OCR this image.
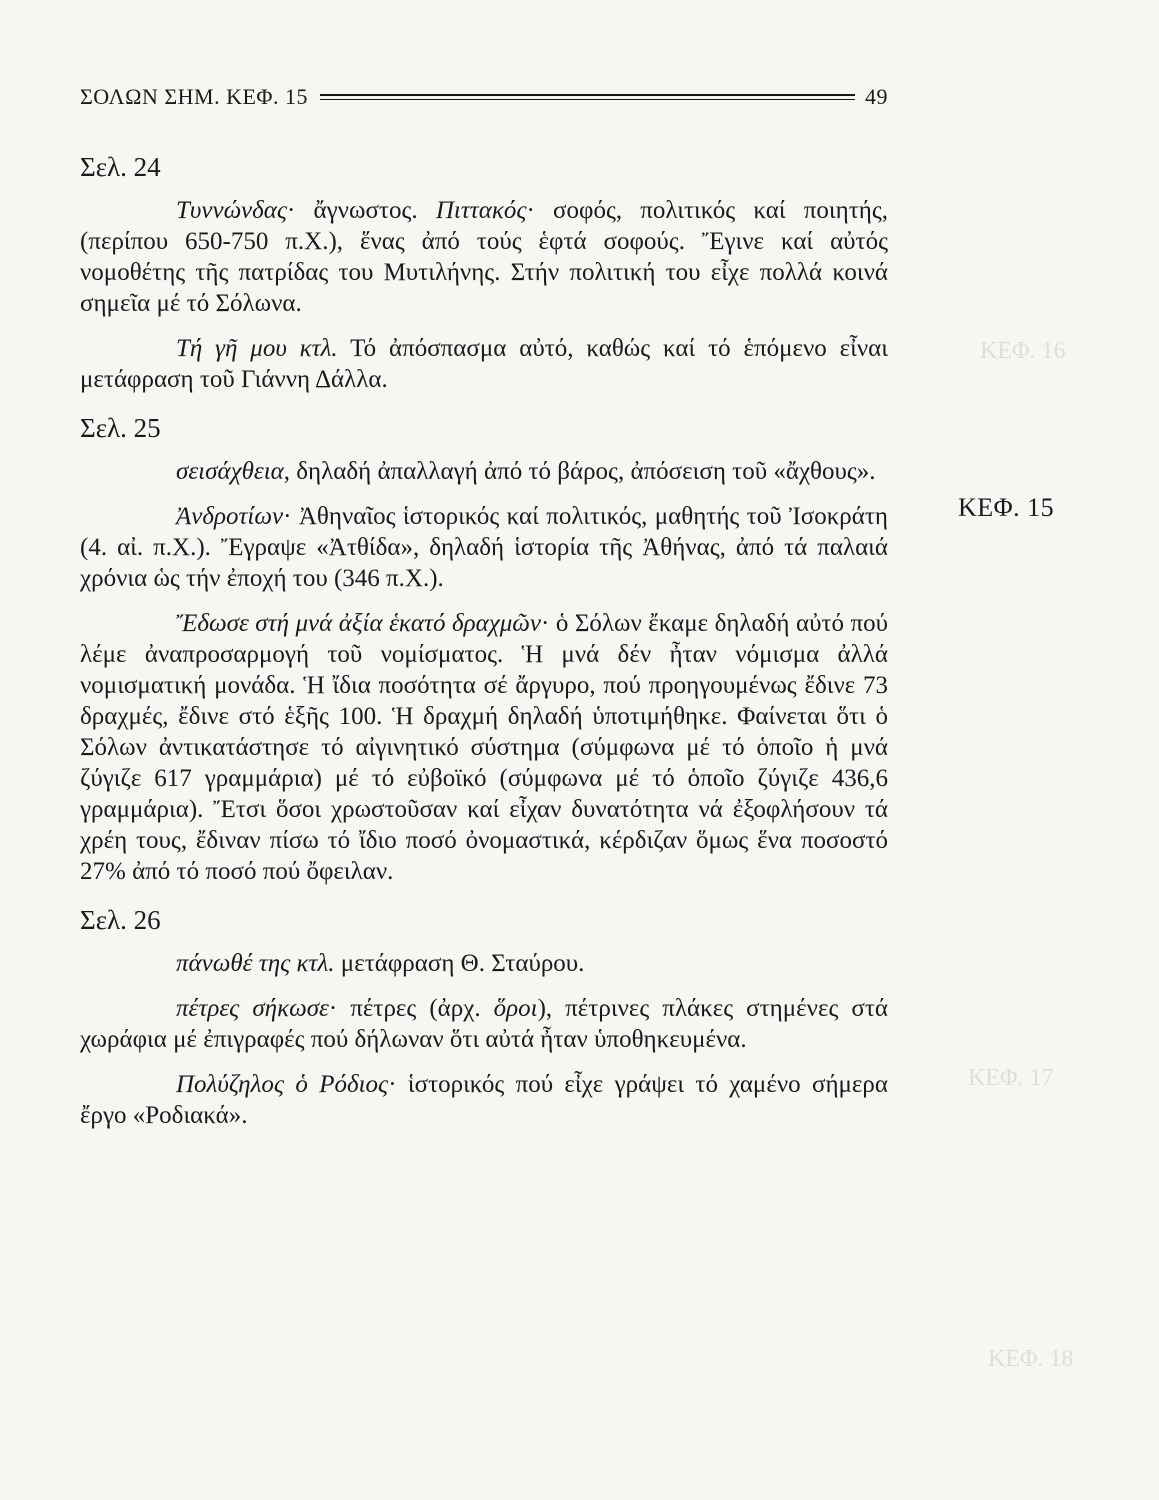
ΣΟΛΩΝ ΣΗΜ. ΚΕΦ. 15	49
ΚΕΦ. 16
ΚΕΦ. 17
ΚΕΦ. 18
ΚΕΦ. 15
Σελ. 24

Τυννώνδας· ἄγνωστος. Πιττακός· σοφός, πολιτικός καί ποιητής, (περίπου 650-750 π.Χ.), ἕνας ἀπό τούς ἑφτά σοφούς. Ἔγινε καί αὐτός νομοθέτης τῆς πατρίδας του Μυτιλήνης. Στήν πολιτική του εἶχε πολλά κοινά σημεῖα μέ τό Σόλωνα.

Τή γῆ μου κτλ. Τό ἀπόσπασμα αὐτό, καθώς καί τό ἑπόμενο εἶναι μετάφραση τοῦ Γιάννη Δάλλα.

Σελ. 25

σεισάχθεια, δηλαδή ἀπαλλαγή ἀπό τό βάρος, ἀπόσειση τοῦ «ἄχθους».

Ἀνδροτίων· Ἀθηναῖος ἱστορικός καί πολιτικός, μαθητής τοῦ Ἰσοκράτη (4. αἰ. π.Χ.). Ἔγραψε «Ἀτθίδα», δηλαδή ἱστορία τῆς Ἀθήνας, ἀπό τά παλαιά χρόνια ὡς τήν ἐποχή του (346 π.Χ.).

Ἔδωσε στή μνά ἀξία ἑκατό δραχμῶν· ὁ Σόλων ἔκαμε δηλαδή αὐτό πού λέμε ἀναπροσαρμογή τοῦ νομίσματος. Ἡ μνά δέν ἦταν νόμισμα ἀλλά νομισματική μονάδα. Ἡ ἴδια ποσότητα σέ ἄργυρο, πού προηγουμένως ἔδινε 73 δραχμές, ἔδινε στό ἑξῆς 100. Ἡ δραχμή δηλαδή ὑποτιμήθηκε. Φαίνεται ὅτι ὁ Σόλων ἀντικατάστησε τό αἰγινητικό σύστημα (σύμφωνα μέ τό ὁποῖο ἡ μνά ζύγιζε 617 γραμμάρια) μέ τό εὐβοϊκό (σύμφωνα μέ τό ὁποῖο ζύγιζε 436,6 γραμμάρια). Ἔτσι ὅσοι χρωστοῦσαν καί εἶχαν δυνατότητα νά ἐξοφλήσουν τά χρέη τους, ἔδιναν πίσω τό ἴδιο ποσό ὀνομαστικά, κέρδιζαν ὅμως ἕνα ποσοστό 27% ἀπό τό ποσό πού ὄφειλαν.

Σελ. 26

πάνωθέ της κτλ. μετάφραση Θ. Σταύρου.

πέτρες σήκωσε· πέτρες (ἀρχ. ὅροι), πέτρινες πλάκες στημένες στά χωράφια μέ ἐπιγραφές πού δήλωναν ὅτι αὐτά ἦταν ὑποθηκευμένα.

Πολύζηλος ὁ Ρόδιος· ἱστορικός πού εἶχε γράψει τό χαμένο σήμερα ἔργο «Ροδιακά».
